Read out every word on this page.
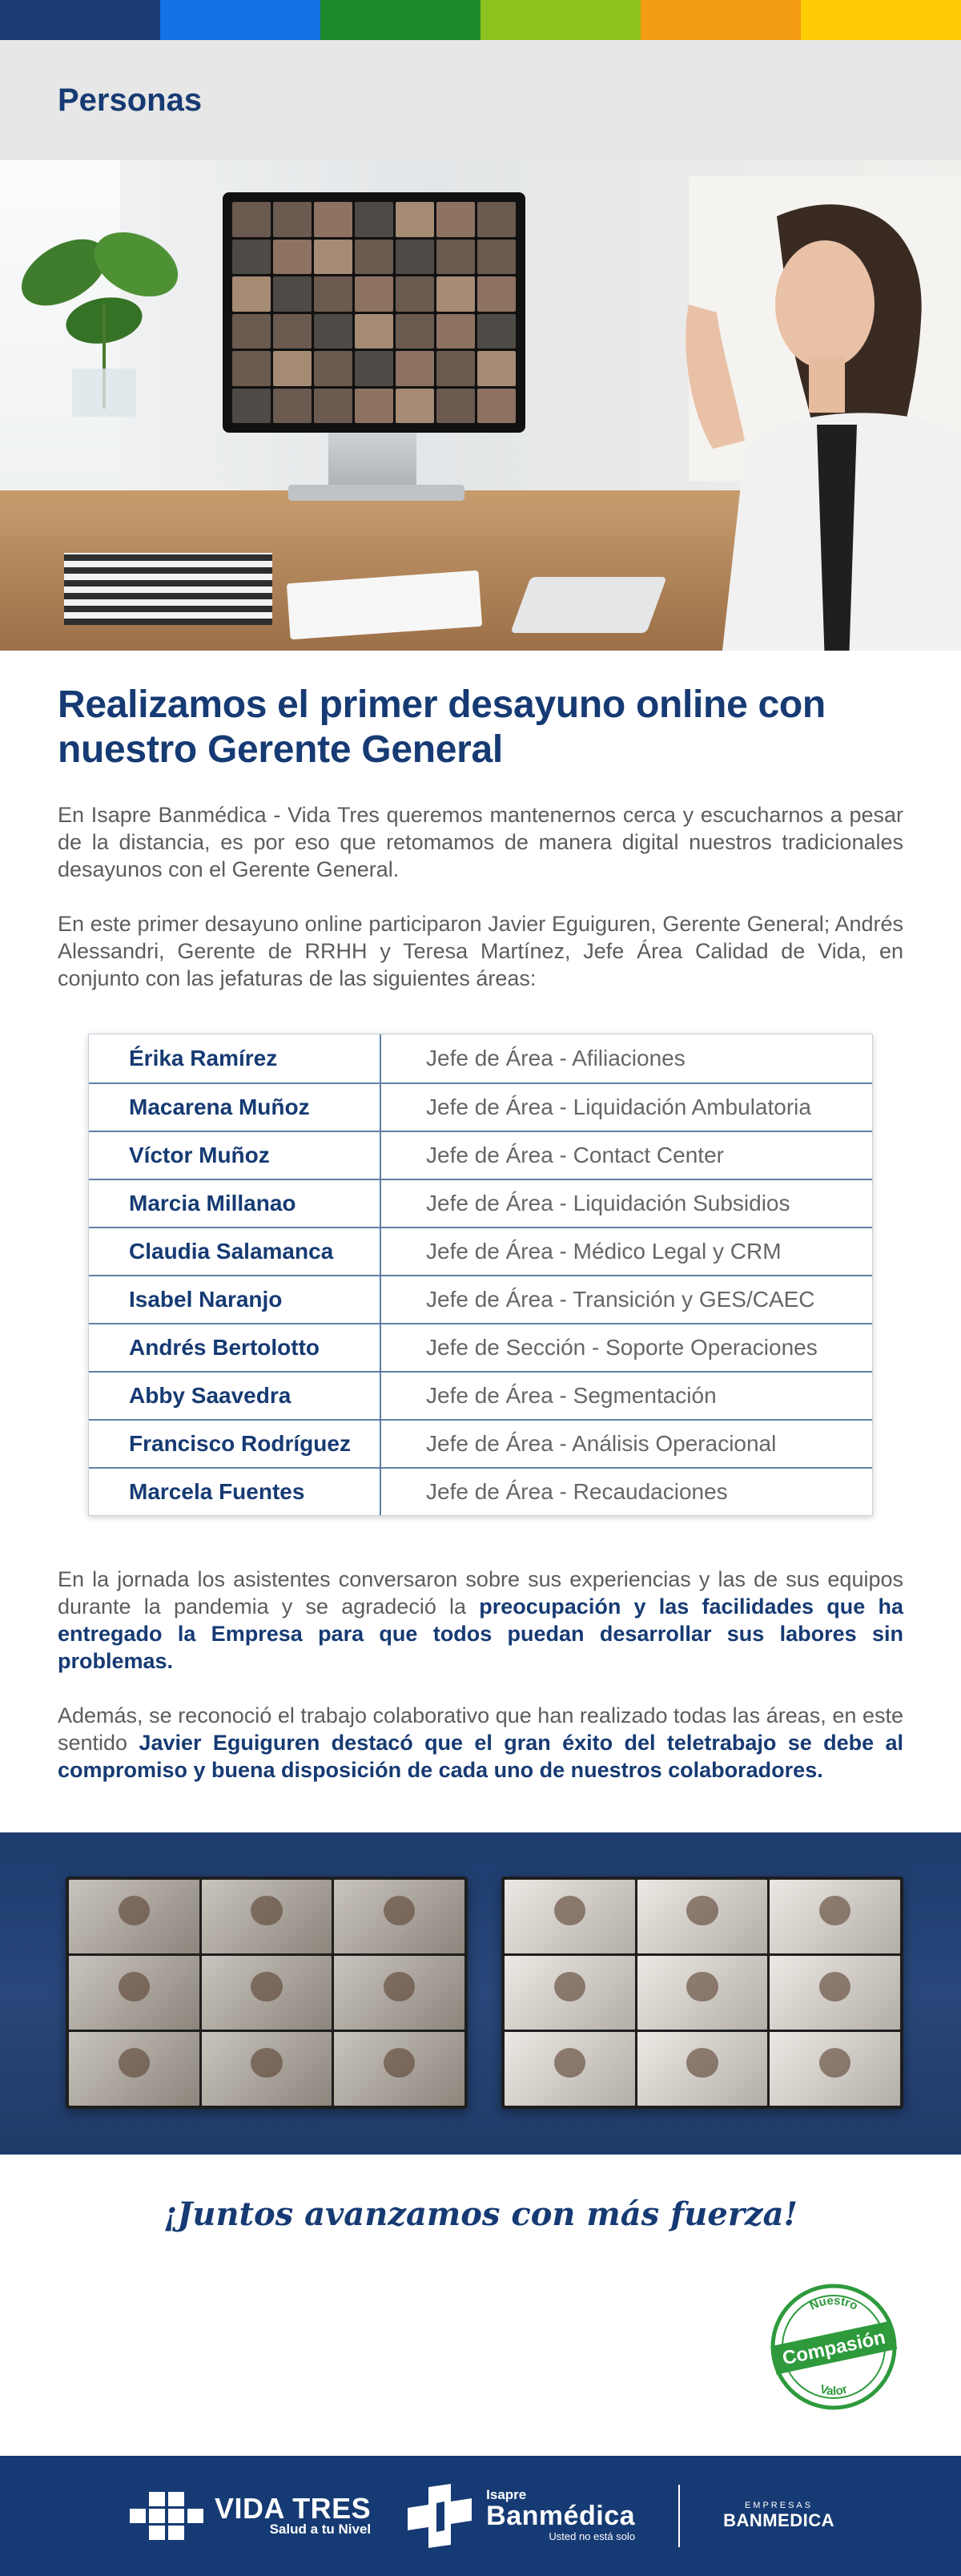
Personas
Realizamos el primer desayuno online con nuestro Gerente General

En Isapre Banmédica - Vida Tres queremos mantenernos cerca y escucharnos a pesar de la distancia, es por eso que retomamos de manera digital nuestros tradicionales desayunos con el Gerente General.

En este primer desayuno online participaron Javier Eguiguren, Gerente General; Andrés Alessandri, Gerente de RRHH y Teresa Martínez, Jefe Área Calidad de Vida, en conjunto con las jefaturas de las siguientes áreas:

Érika Ramírez	Jefe de Área - Afiliaciones
Macarena Muñoz	Jefe de Área - Liquidación Ambulatoria
Víctor Muñoz	Jefe de Área - Contact Center
Marcia Millanao	Jefe de Área - Liquidación Subsidios
Claudia Salamanca	Jefe de Área - Médico Legal y CRM
Isabel Naranjo	Jefe de Área - Transición y GES/CAEC
Andrés Bertolotto	Jefe de Sección - Soporte Operaciones
Abby Saavedra	Jefe de Área - Segmentación
Francisco Rodríguez	Jefe de Área - Análisis Operacional
Marcela Fuentes	Jefe de Área - Recaudaciones

En la jornada los asistentes conversaron sobre sus experiencias y las de sus equipos durante la pandemia y se agradeció la preocupación y las facilidades que ha entregado la Empresa para que todos puedan desarrollar sus labores sin problemas.

Además, se reconoció el trabajo colaborativo que han realizado todas las áreas, en este sentido Javier Eguiguren destacó que el gran éxito del teletrabajo se debe al compromiso y buena disposición de cada uno de nuestros colaboradores.

¡Juntos avanzamos con más fuerza!
Nuestro
Valor
Compasión
VIDA TRES
Salud a tu Nivel
Isapre
Banmédica
Usted no está solo
EMPRESAS
BANMEDICA
